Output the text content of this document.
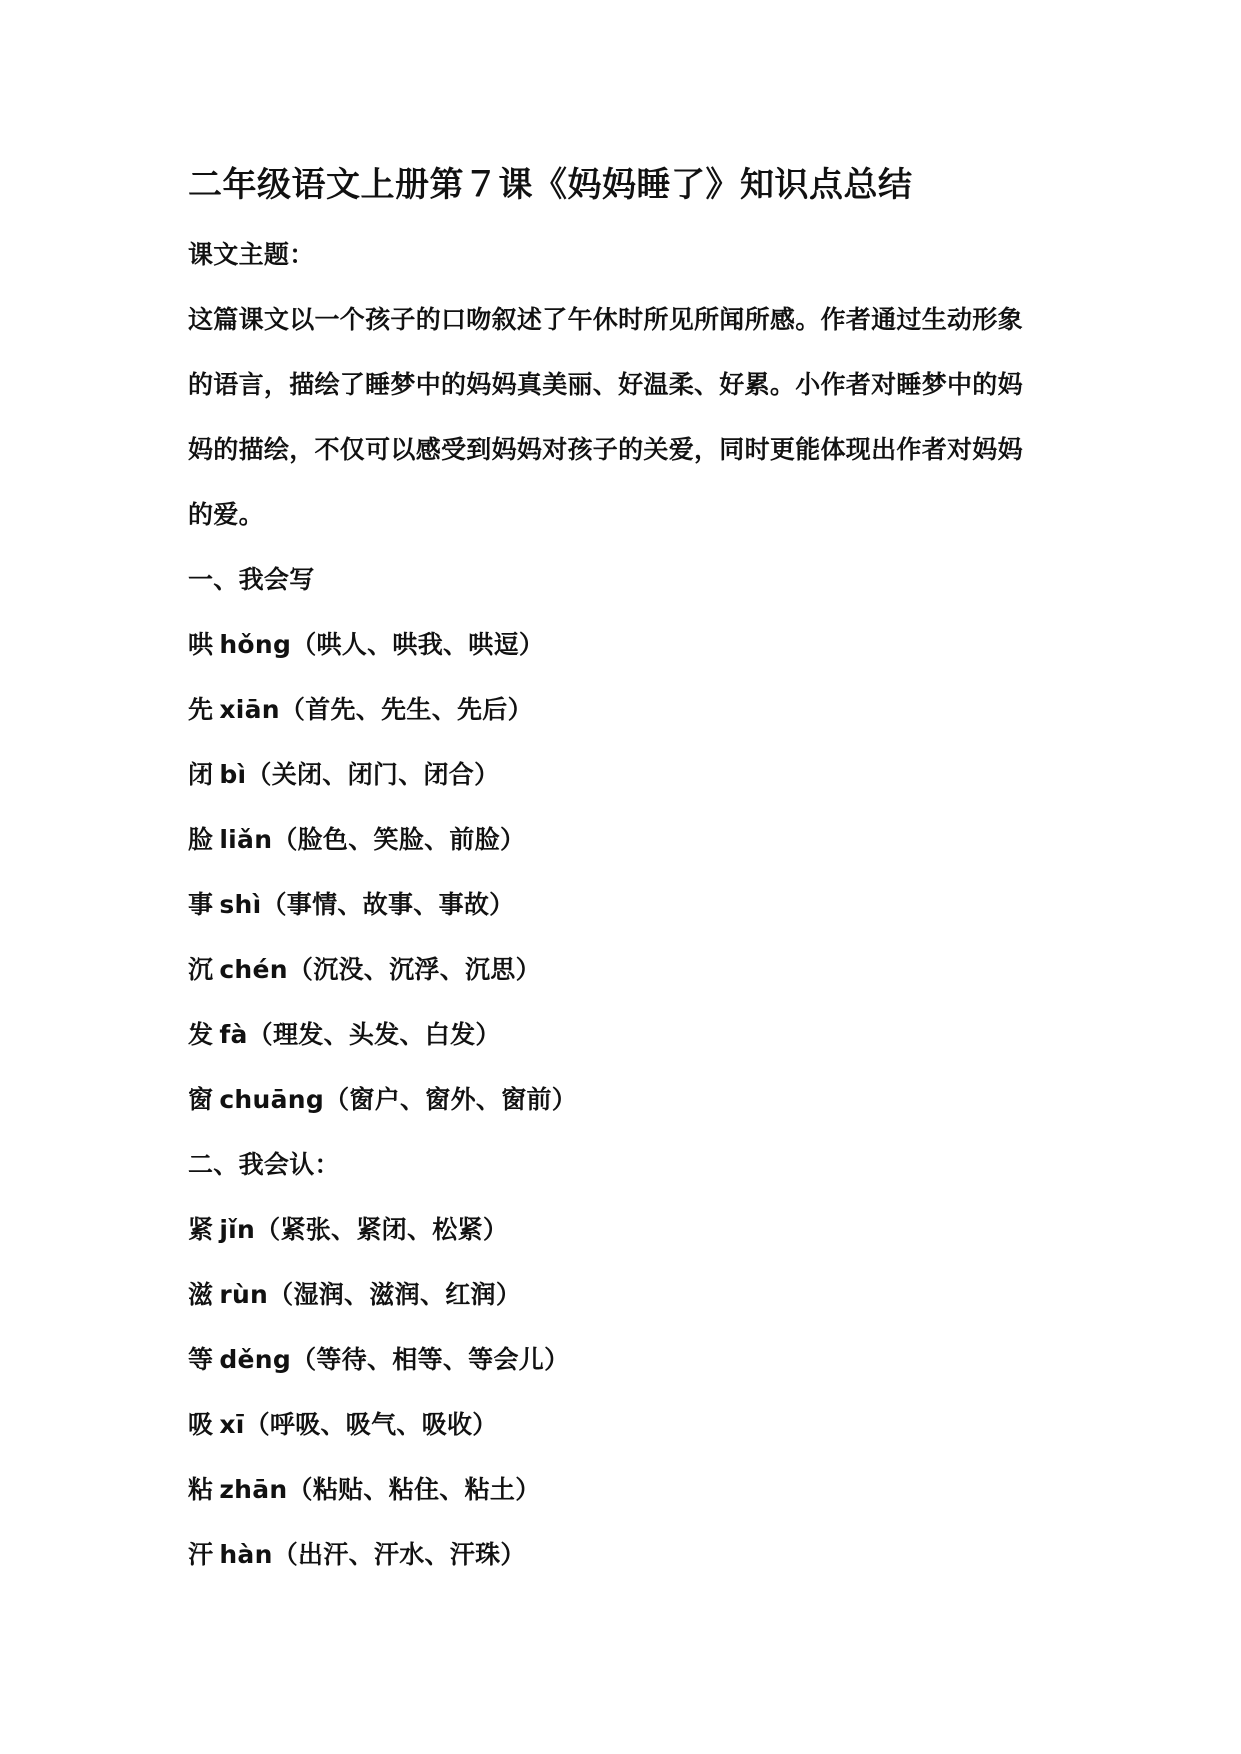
二年级语文上册第７课《妈妈睡了》知识点总结
课文主题：
这篇课文以一个孩子的口吻叙述了午休时所见所闻所感。作者通过生动形象
的语言，描绘了睡梦中的妈妈真美丽、好温柔、好累。小作者对睡梦中的妈
妈的描绘，不仅可以感受到妈妈对孩子的关爱，同时更能体现出作者对妈妈
的爱。
一、我会写
哄 hǒng（哄人、哄我、哄逗）
先 xiān（首先、先生、先后）
闭 bì（关闭、闭门、闭合）
脸 liǎn（脸色、笑脸、前脸）
事 shì（事情、故事、事故）
沉 chén（沉没、沉浮、沉思）
发 fà（理发、头发、白发）
窗 chuāng（窗户、窗外、窗前）
二、我会认：
紧 jǐn（紧张、紧闭、松紧）
滋 rùn（湿润、滋润、红润）
等 děng（等待、相等、等会儿）
吸 xī（呼吸、吸气、吸收）
粘 zhān（粘贴、粘住、粘土）
汗 hàn（出汗、汗水、汗珠）
